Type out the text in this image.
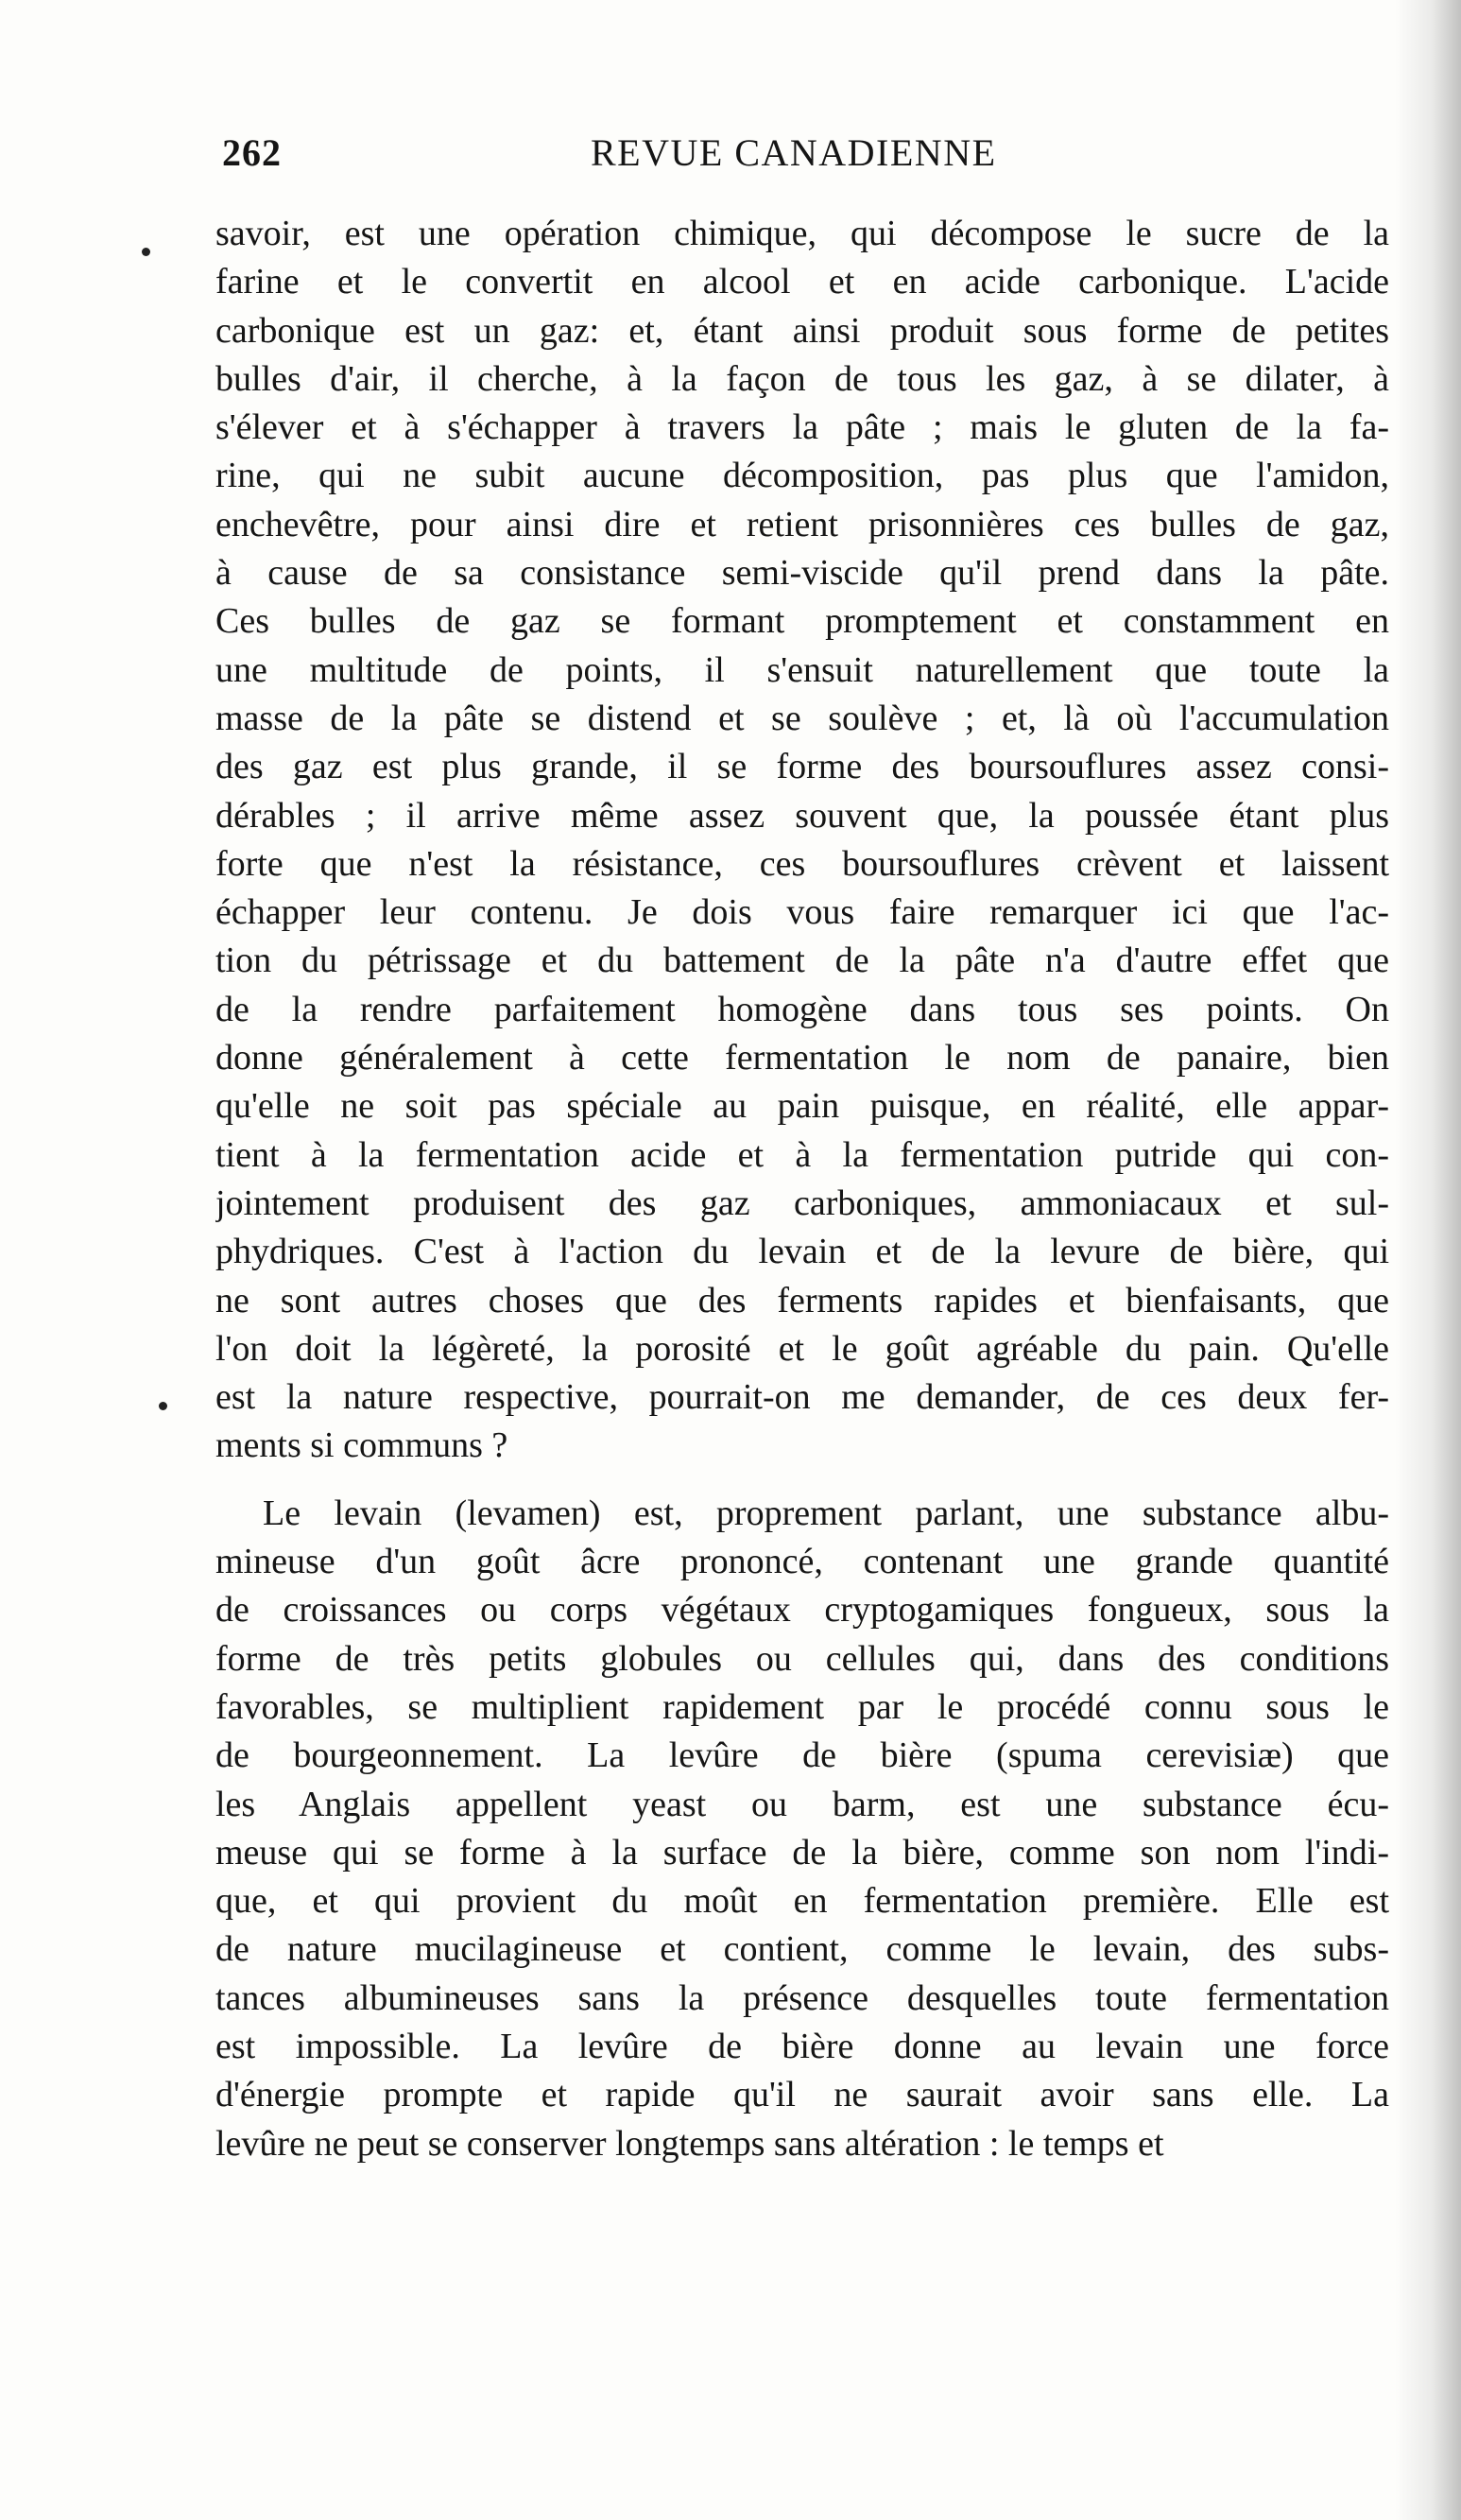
262	REVUE CANADIENNE
savoir, est une opération chimique, qui décompose le sucre de la
farine et le convertit en alcool et en acide carbonique. L'acide
carbonique est un gaz: et, étant ainsi produit sous forme de petites
bulles d'air, il cherche, à la façon de tous les gaz, à se dilater, à
s'élever et à s'échapper à travers la pâte ; mais le gluten de la fa-
rine, qui ne subit aucune décomposition, pas plus que l'amidon,
enchevêtre, pour ainsi dire et retient prisonnières ces bulles de gaz,
à cause de sa consistance semi-viscide qu'il prend dans la pâte.
Ces bulles de gaz se formant promptement et constamment en
une multitude de points, il s'ensuit naturellement que toute la
masse de la pâte se distend et se soulève ; et, là où l'accumulation
des gaz est plus grande, il se forme des boursouflures assez consi-
dérables ; il arrive même assez souvent que, la poussée étant plus
forte que n'est la résistance, ces boursouflures crèvent et laissent
échapper leur contenu. Je dois vous faire remarquer ici que l'ac-
tion du pétrissage et du battement de la pâte n'a d'autre effet que
de la rendre parfaitement homogène dans tous ses points. On
donne généralement à cette fermentation le nom de panaire, bien
qu'elle ne soit pas spéciale au pain puisque, en réalité, elle appar-
tient à la fermentation acide et à la fermentation putride qui con-
jointement produisent des gaz carboniques, ammoniacaux et sul-
phydriques. C'est à l'action du levain et de la levure de bière, qui
ne sont autres choses que des ferments rapides et bienfaisants, que
l'on doit la légèreté, la porosité et le goût agréable du pain. Qu'elle
est la nature respective, pourrait-on me demander, de ces deux fer-
ments si communs ?
Le levain (levamen) est, proprement parlant, une substance albu-
mineuse d'un goût âcre prononcé, contenant une grande quantité
de croissances ou corps végétaux cryptogamiques fongueux, sous la
forme de très petits globules ou cellules qui, dans des conditions
favorables, se multiplient rapidement par le procédé connu sous le
de bourgeonnement. La levûre de bière (spuma cerevisiæ) que
les Anglais appellent yeast ou barm, est une substance écu-
meuse qui se forme à la surface de la bière, comme son nom l'indi-
que, et qui provient du moût en fermentation première. Elle est
de nature mucilagineuse et contient, comme le levain, des subs-
tances albumineuses sans la présence desquelles toute fermentation
est impossible. La levûre de bière donne au levain une force
d'énergie prompte et rapide qu'il ne saurait avoir sans elle. La
levûre ne peut se conserver longtemps sans altération : le temps et
